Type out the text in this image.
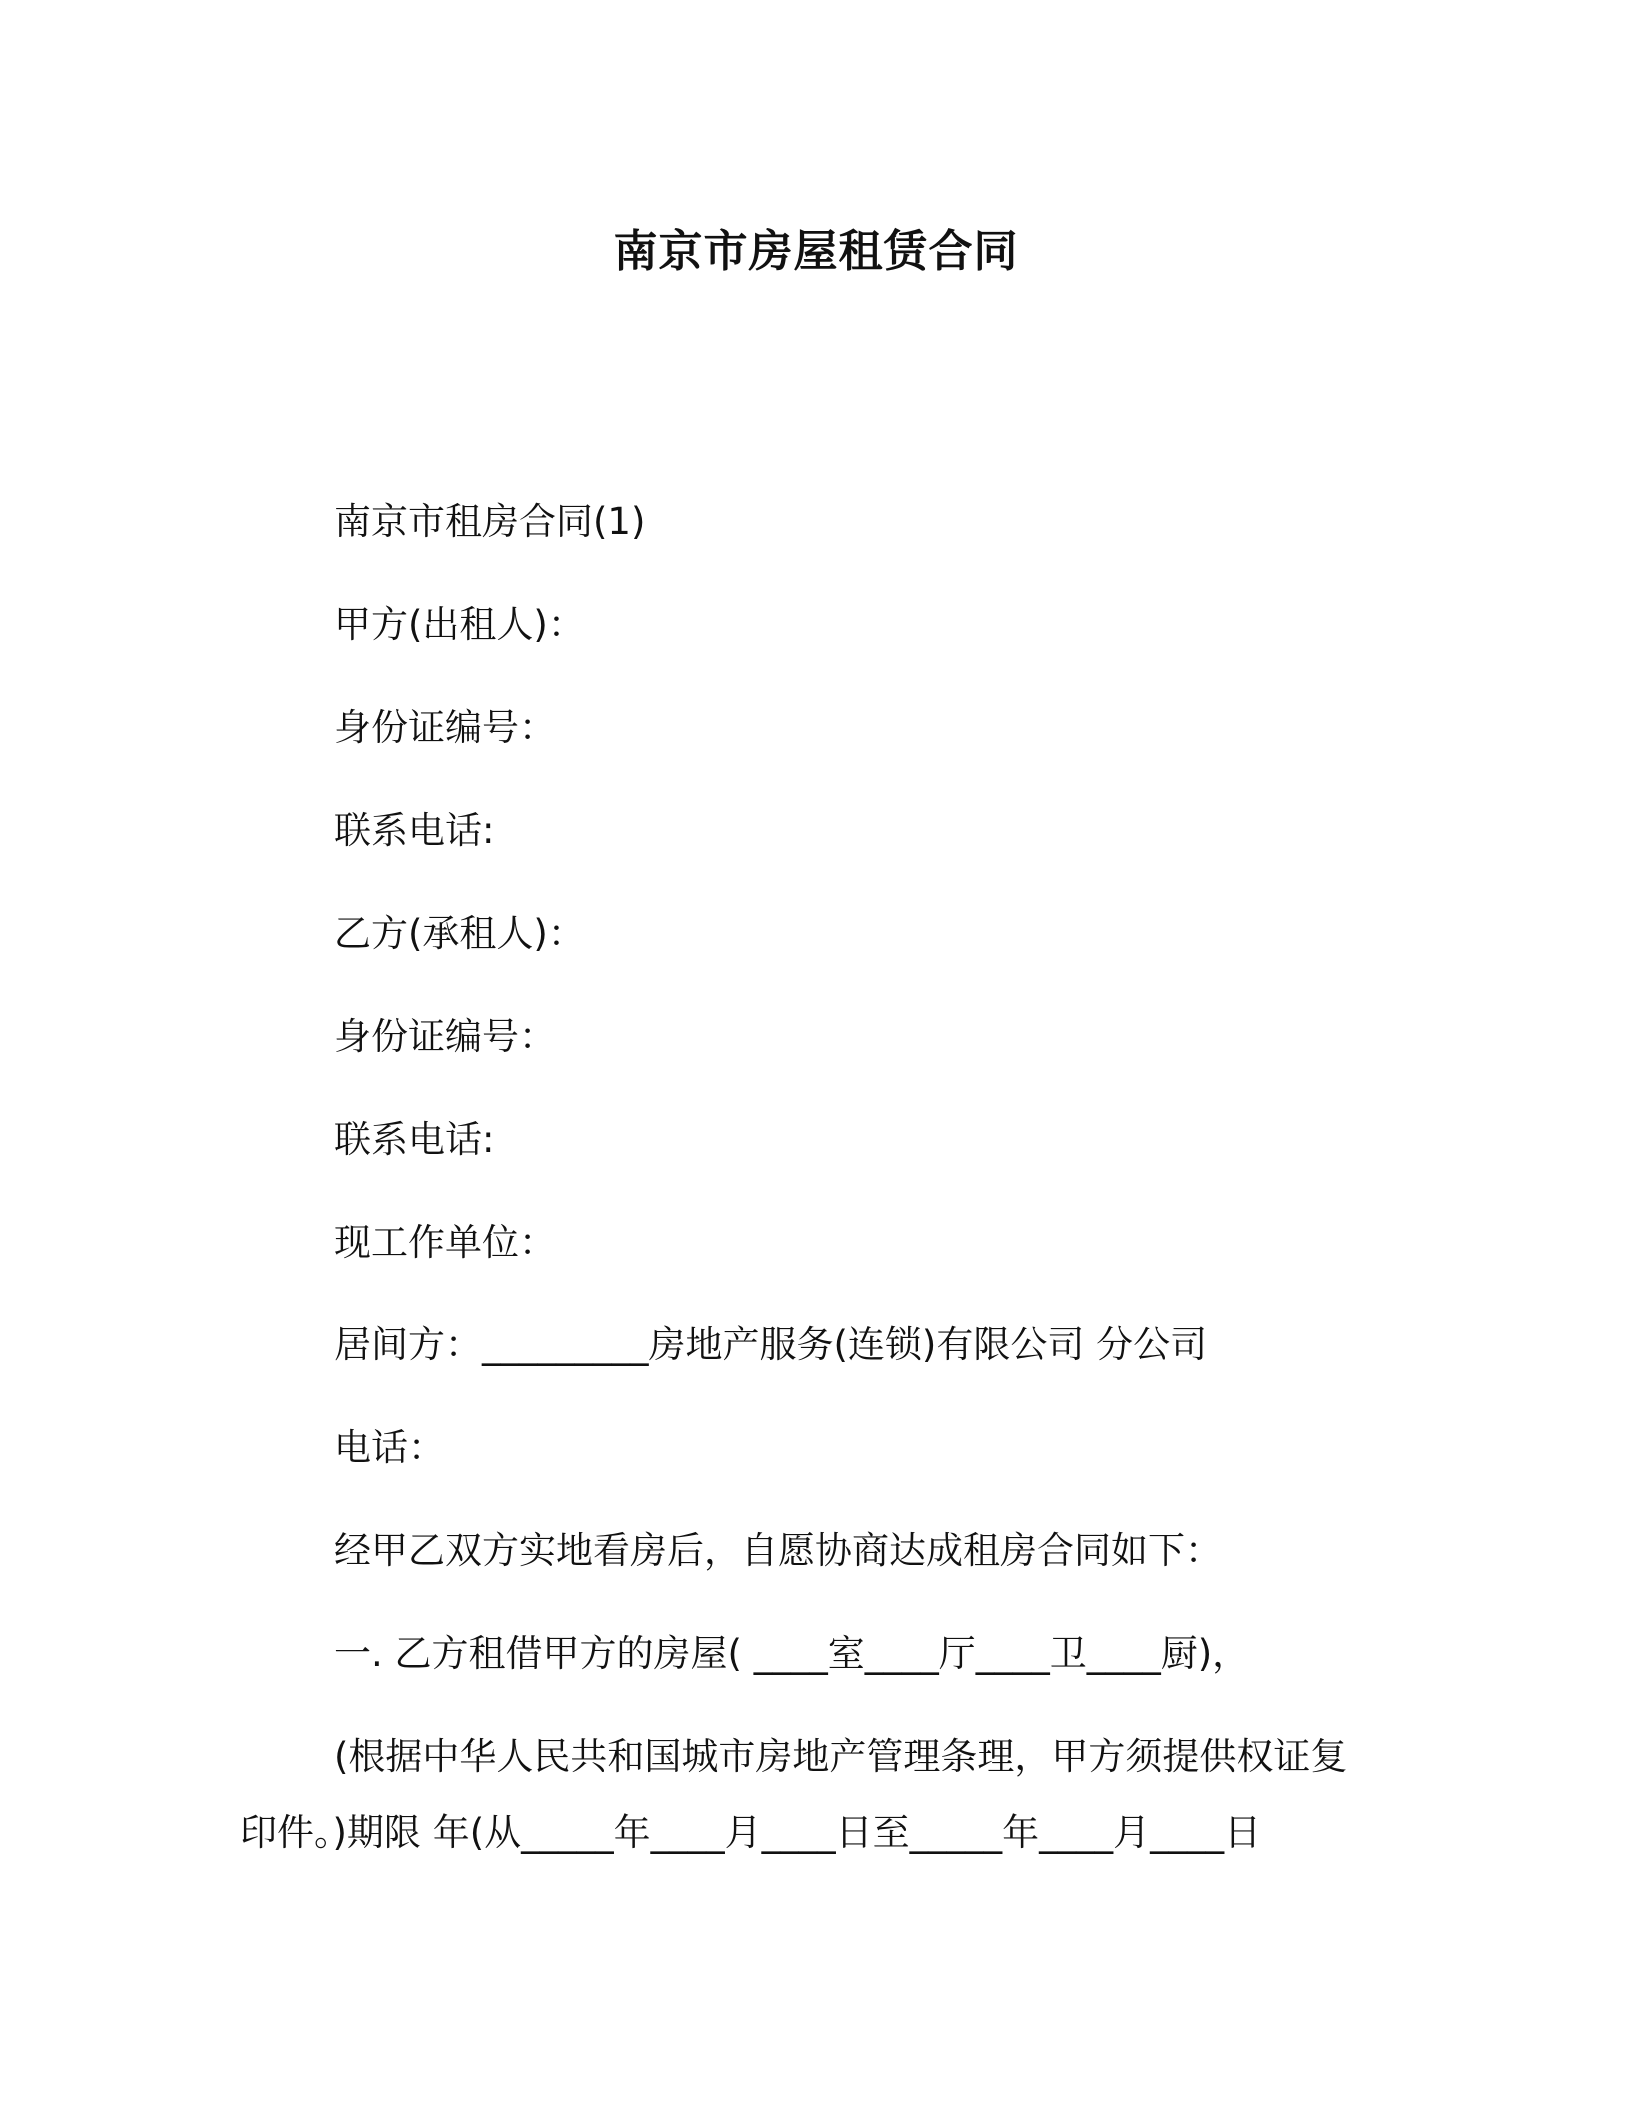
南京市房屋租赁合同
南京市租房合同(1)
甲方(出租人)：
身份证编号：
联系电话:
乙方(承租人)：
身份证编号：
联系电话:
现工作单位：
居间方：_________房地产服务(连锁)有限公司 分公司
电话：
经甲乙双方实地看房后，自愿协商达成租房合同如下：
一. 乙方租借甲方的房屋( ____室____厅____卫____厨)，
(根据中华人民共和国城市房地产管理条理，甲方须提供权证复
印件。)期限 年(从_____年____月____日至_____年____月____日
